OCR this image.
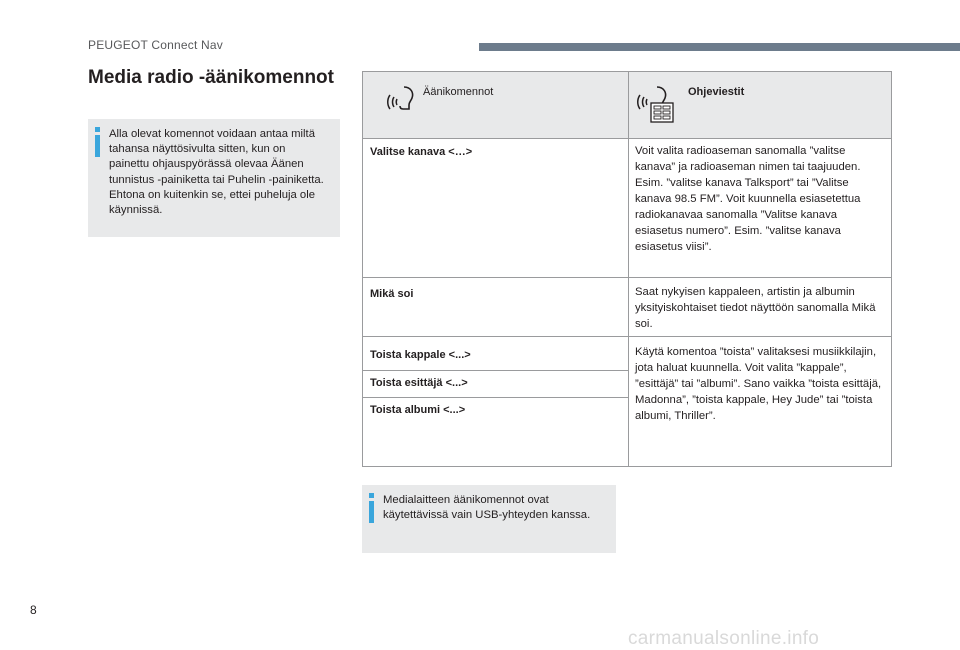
PEUGEOT Connect Nav
Media radio -äänikomennot

Alla olevat komennot voidaan antaa miltä tahansa näyttösivulta sitten, kun on painettu ohjauspyörässä olevaa Äänen tunnistus -painiketta tai Puhelin -painiketta. Ehtona on kuitenkin se, ettei puheluja ole käynnissä.

Äänikomennot	Ohjeviestit
Valitse kanava <…>	Voit valita radioaseman sanomalla ”valitse kanava” ja radioaseman nimen tai taajuuden. Esim. ”valitse kanava Talksport” tai ”Valitse kanava 98.5 FM”. Voit kuunnella esiasetettua radiokanavaa sanomalla ”Valitse kanava esiasetus numero”. Esim. ”valitse kanava esiasetus viisi”.

Mikä soi	Saat nykyisen kappaleen, artistin ja albumin yksityiskohtaiset tiedot näyttöön sanomalla Mikä soi.

Toista kappale <...>	Käytä komentoa ”toista” valitaksesi musiikkilajin, jota haluat kuunnella. Voit valita ”kappale”, ”esittäjä” tai ”albumi”. Sano vaikka ”toista esittäjä, Madonna”, ”toista kappale, Hey Jude” tai ”toista albumi, Thriller”.

Toista esittäjä <...>
Toista albumi <...>

Medialaitteen äänikomennot ovat käytettävissä vain USB-yhteyden kanssa.

8
carmanualsonline.info
